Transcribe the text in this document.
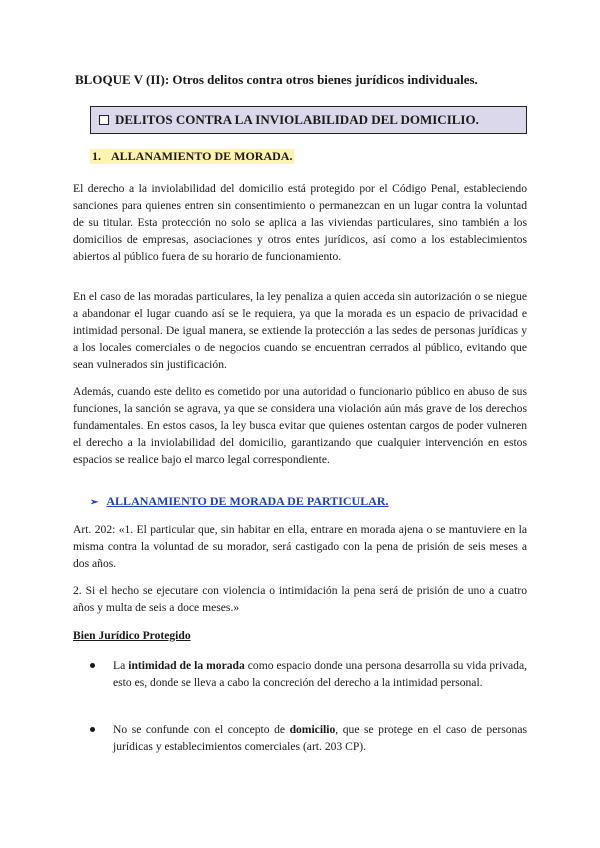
BLOQUE V (II): Otros delitos contra otros bienes jurídicos individuales.
DELITOS CONTRA LA INVIOLABILIDAD DEL DOMICILIO.
1. ALLANAMIENTO DE MORADA.

El derecho a la inviolabilidad del domicilio está protegido por el Código Penal, estableciendo sanciones para quienes entren sin consentimiento o permanezcan en un lugar contra la voluntad de su titular. Esta protección no solo se aplica a las viviendas particulares, sino también a los domicilios de empresas, asociaciones y otros entes jurídicos, así como a los establecimientos abiertos al público fuera de su horario de funcionamiento.

En el caso de las moradas particulares, la ley penaliza a quien acceda sin autorización o se niegue a abandonar el lugar cuando así se le requiera, ya que la morada es un espacio de privacidad e intimidad personal. De igual manera, se extiende la protección a las sedes de personas jurídicas y a los locales comerciales o de negocios cuando se encuentran cerrados al público, evitando que sean vulnerados sin justificación.

Además, cuando este delito es cometido por una autoridad o funcionario público en abuso de sus funciones, la sanción se agrava, ya que se considera una violación aún más grave de los derechos fundamentales. En estos casos, la ley busca evitar que quienes ostentan cargos de poder vulneren el derecho a la inviolabilidad del domicilio, garantizando que cualquier intervención en estos espacios se realice bajo el marco legal correspondiente.

➢ ALLANAMIENTO DE MORADA DE PARTICULAR.

Art. 202: «1. El particular que, sin habitar en ella, entrare en morada ajena o se mantuviere en la misma contra la voluntad de su morador, será castigado con la pena de prisión de seis meses a dos años.

2. Si el hecho se ejecutare con violencia o intimidación la pena será de prisión de uno a cuatro años y multa de seis a doce meses.»

Bien Jurídico Protegido
La intimidad de la morada como espacio donde una persona desarrolla su vida privada, esto es, donde se lleva a cabo la concreción del derecho a la intimidad personal.
No se confunde con el concepto de domicilio, que se protege en el caso de personas jurídicas y establecimientos comerciales (art. 203 CP).
